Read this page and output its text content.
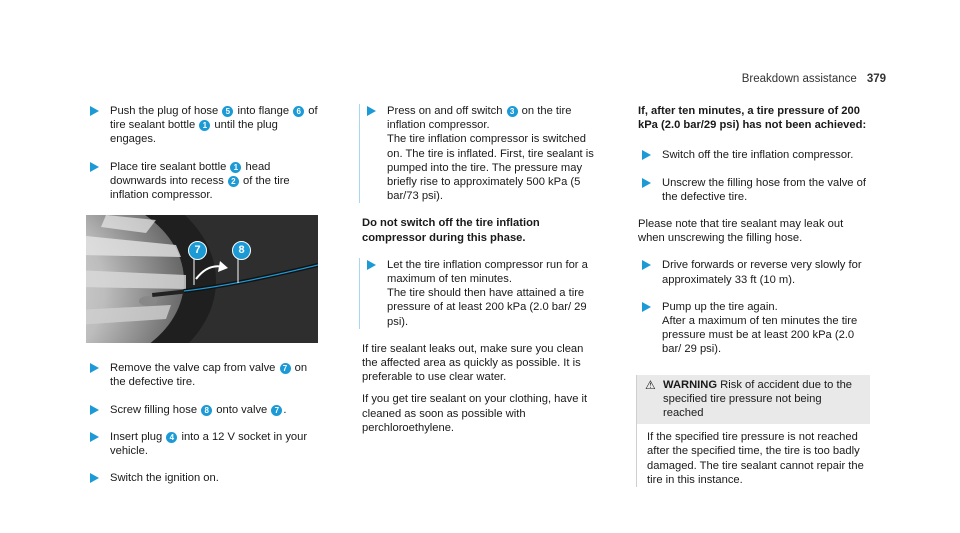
Breakdown assistance 379
Push the plug of hose 5 into flange 6 of tire sealant bottle 1 until the plug engages.
Place tire sealant bottle 1 head downwards into recess 2 of the tire inflation compressor.
7	8
Remove the valve cap from valve 7 on the defective tire.
Screw filling hose 8 onto valve 7 .
Insert plug 4 into a 12 V socket in your vehicle.
Switch the ignition on.
Press on and off switch 3 on the tire inflation compressor.
The tire inflation compressor is switched on. The tire is inflated. First, tire sealant is pumped into the tire. The pressure may briefly rise to approximately 500 kPa (5 bar/73 psi).
Do not switch off the tire inflation compressor during this phase.
Let the tire inflation compressor run for a maximum of ten minutes.
The tire should then have attained a tire pressure of at least 200 kPa (2.0 bar/ 29 psi).

If tire sealant leaks out, make sure you clean the affected area as quickly as possible. It is preferable to use clear water.

If you get tire sealant on your clothing, have it cleaned as soon as possible with perchloroethylene.

If, after ten minutes, a tire pressure of 200 kPa (2.0 bar/29 psi) has not been achieved:
Switch off the tire inflation compressor.
Unscrew the filling hose from the valve of the defective tire.

Please note that tire sealant may leak out when unscrewing the filling hose.

Drive forwards or reverse very slowly for approximately 33 ft (10 m).
Pump up the tire again.
After a maximum of ten minutes the tire pressure must be at least 200 kPa (2.0 bar/ 29 psi).
⚠ WARNING Risk of accident due to the specified tire pressure not being reached
If the specified tire pressure is not reached after the specified time, the tire is too badly damaged. The tire sealant cannot repair the tire in this instance.
